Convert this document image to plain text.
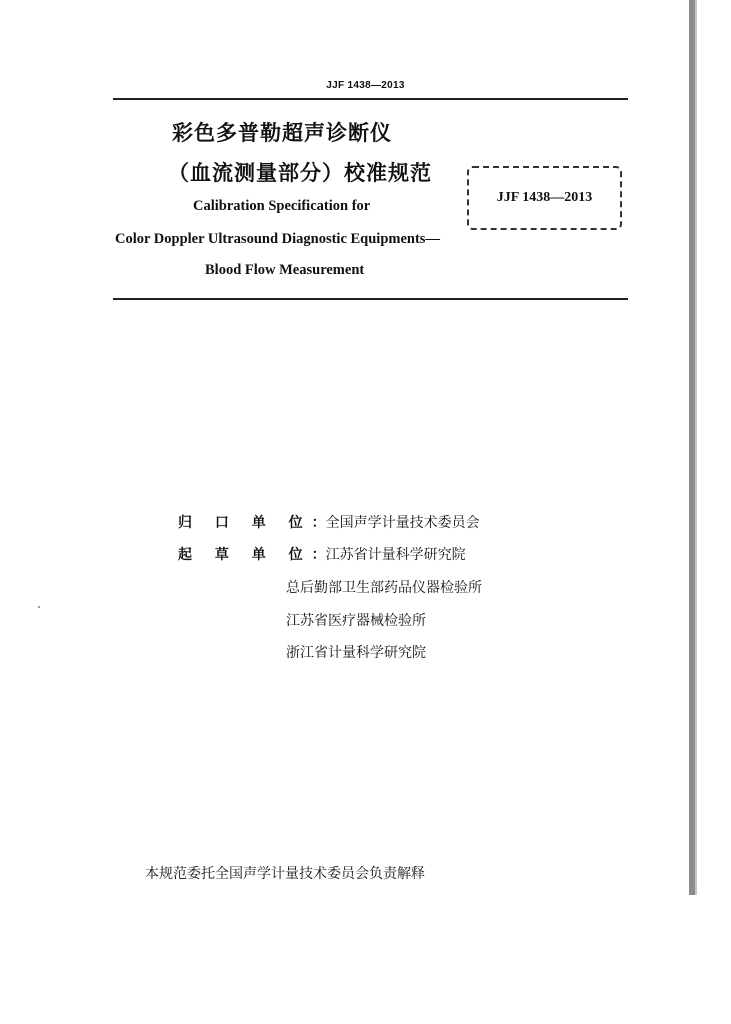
JJF 1438—2013
彩色多普勒超声诊断仪
（血流测量部分）校准规范
JJF 1438—2013
Calibration Specification for
Color Doppler Ultrasound Diagnostic Equipments—
Blood Flow Measurement
归 口 单 位：全国声学计量技术委员会
起 草 单 位：江苏省计量科学研究院
总后勤部卫生部药品仪器检验所
江苏省医疗器械检验所
浙江省计量科学研究院
本规范委托全国声学计量技术委员会负责解释
